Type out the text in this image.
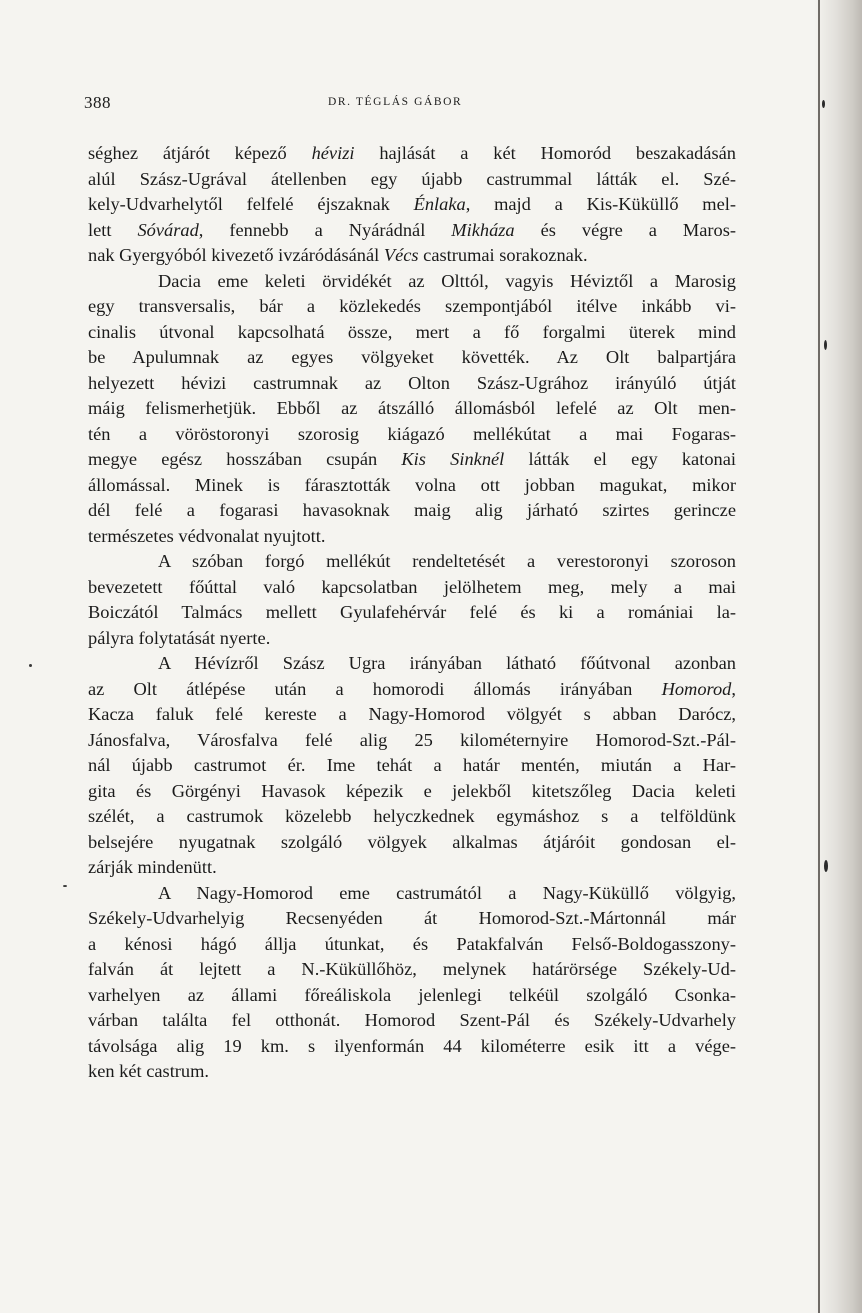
388	DR. TÉGLÁS GÁBOR
séghez átjárót képező hévizi hajlását a két Homoród beszakadásán
alúl Szász-Ugrával átellenben egy újabb castrummal látták el. Szé-
kely-Udvarhelytől felfelé éjszaknak Énlaka, majd a Kis-Küküllő mel-
lett Sóvárad, fennebb a Nyárádnál Mikháza és végre a Maros-
nak Gyergyóból kivezető ivzáródásánál Vécs castrumai sorakoznak.
Dacia eme keleti örvidékét az Olttól, vagyis Héviztől a Marosig
egy transversalis, bár a közlekedés szempontjából itélve inkább vi-
cinalis útvonal kapcsolhatá össze, mert a fő forgalmi üterek mind
be Apulumnak az egyes völgyeket követték. Az Olt balpartjára
helyezett hévizi castrumnak az Olton Szász-Ugrához irányúló útját
máig felismerhetjük. Ebből az átszálló állomásból lefelé az Olt men-
tén a vöröstoronyi szorosig kiágazó mellékútat a mai Fogaras-
megye egész hosszában csupán Kis Sinknél látták el egy katonai
állomással. Minek is fárasztották volna ott jobban magukat, mikor
dél felé a fogarasi havasoknak maig alig járható szirtes gerincze
természetes védvonalat nyujtott.
A szóban forgó mellékút rendeltetését a verestoronyi szoroson
bevezetett főúttal való kapcsolatban jelölhetem meg, mely a mai
Boiczától Talmács mellett Gyulafehérvár felé és ki a romániai la-
pályra folytatását nyerte.
A Hévízről Szász Ugra irányában látható főútvonal azonban
az Olt átlépése után a homorodi állomás irányában Homorod,
Kacza faluk felé kereste a Nagy-Homorod völgyét s abban Darócz,
Jánosfalva, Városfalva felé alig 25 kilométernyire Homorod-Szt.-Pál-
nál újabb castrumot ér. Ime tehát a határ mentén, miután a Har-
gita és Görgényi Havasok képezik e jelekből kitetszőleg Dacia keleti
szélét, a castrumok közelebb helyczkednek egymáshoz s a telföldünk
belsejére nyugatnak szolgáló völgyek alkalmas átjáróit gondosan el-
zárják mindenütt.
A Nagy-Homorod eme castrumától a Nagy-Küküllő völgyig,
Székely-Udvarhelyig Recsenyéden át Homorod-Szt.-Mártonnál már
a kénosi hágó állja útunkat, és Patakfalván Felső-Boldogasszony-
falván át lejtett a N.-Küküllőhöz, melynek határörsége Székely-Ud-
varhelyen az állami főreáliskola jelenlegi telkéül szolgáló Csonka-
várban találta fel otthonát. Homorod Szent-Pál és Székely-Udvarhely
távolsága alig 19 km. s ilyenformán 44 kilométerre esik itt a vége-
ken két castrum.
